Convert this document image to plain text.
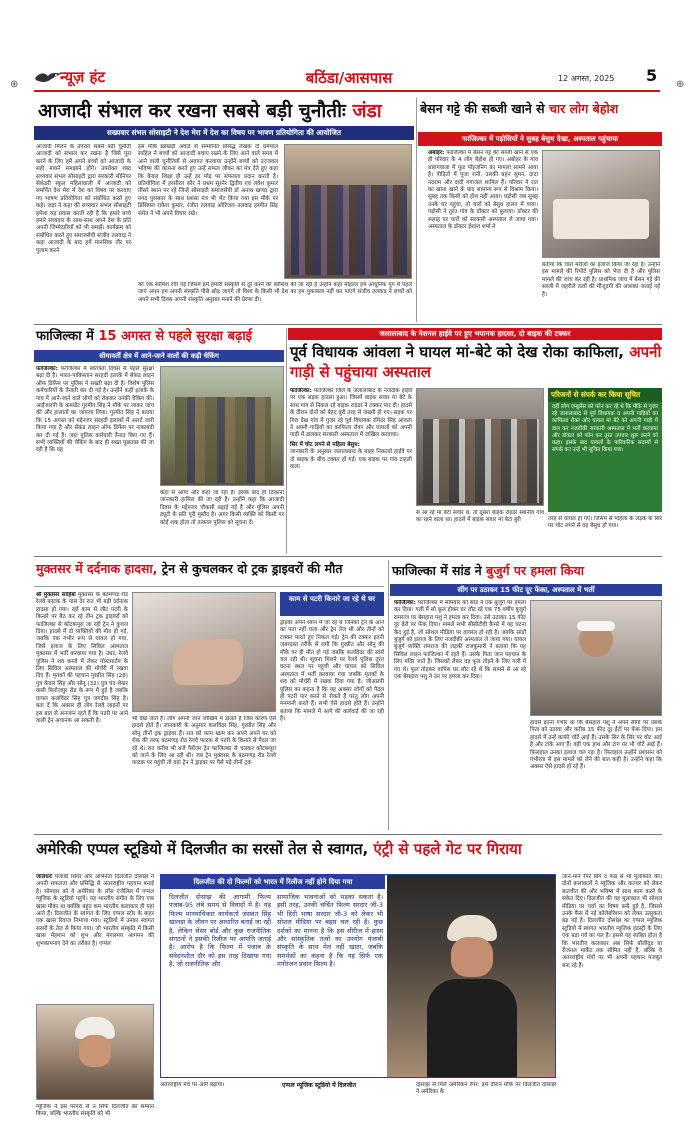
⊕	⊕
न्यूज़ हंट	बठिंडा/आसपास	12 अगस्त, 2025 5
आजादी संभाल कर रखना सबसे बड़ी चुनौतीः जंडा
सख्यवार संभल सोसाइटी ने देश मेरा में देश का विषय पर भाषण प्रतियोगिता की आयोजित
आजादी मिलने के उपरांत सबसे बड़ी चुनौती आजादी को संभाल कर रखना है जिसे पूरा करने के लिए हमें अपने बच्चों को आजादी के सही मायने समझाने होंगे। उपरोक्त शब्द सच्यवार संभल सोसाइटी द्वारा सरकारी सीनियर सेकंडरी स्कूल महिलावाली में आजादी को समर्पित देश मेरा में देश का विषय पर करवाए गए भाषण प्रतियोगिता को संबोधित करते हुए कहे। जड़ा ने कहा की सच्यवार संभल सोसाइटी हमेशा यह प्रयास करती रही है कि हमारे बच्चे हमारे सच्यवार के साथ-साथ अपने देश के प्रति अपनी जिम्मेदारियों को भी समझें। कार्यक्रम को संबोधित करते हुए समाजसेवी संजीव तलवाड़ ने कहा आजादी के बाद हमें मानसिक तौर पर गुलाम करने
इस मौके ख़ाखड़ी अवार्ड से सम्मानित प्रसिद्ध लेखक दो धर्मपाल साहिल ने बच्चों को आजादी बचाए रखने के लिए आने वाले समय में आने वाली चुनौतियों से अवगत करवाया उन्होंने बच्चों को उज्जवल भविष्य की कामना करते हुए उन्हें सफल जीवन का मंत्र देते हुए कहा कि केवल शिक्षा ही उन्हें हर मोड़ पर सफलता प्रदान करती है। प्रतियोगिता में हरसीरत कौर ने प्रथम सुरनेर द्वितीय एवं लवेश कुमार तीसरे स्थान पर रहे जिन्हें सोसाइटी समाजसेवी डॉ अनाथ खण्डा द्वारा नगद पुरस्कार के साथ प्रशंसा पत्र भी भेंट किया गया इस मौके पर प्रिंसिपल राकेश कुमार, रंजीत तलवाड़ ओरिंजल तलवाड़ हरमीत सिंह समेत ने भी अपने विचार रखे।
को एक सामिश रची गई जिसमें हमें हमारी संस्कृति से दूर करने की कोशिश की जा रही है उन्होंने कहा मोहल्ल हम आधुनिक युग में पहले जाएं अपन हम अपनी संस्कृति पीछे छोड़ जाएंगे तो विश्व के किसी भी देश का हम मुकाबला नहीं कर पाएंगे संजीव तलवाड़ ने बच्चों को अपने सभी दिवस अपनी संस्कृति अनुसार मनाने की प्रेरणा दी।
बेसन गट्टे की सब्जी खाने से चार लोग बेहोश
फाजिल्का में पड़ोसियों ने सुबह बेसुध देखा, अस्पताल पहुंचाया
अबोहर: फाजिल्का में बेसन गट्टे की सब्जी खाने से एक ही परिवार के 4 लोग बेहोश हो गए। अबोहर के गांव धारांगवाला में फूड पॉइजनिंग का मामला सामने आया है। पीड़ितों में पूजा रानी, उसकी बहन सुमन, दादा नंदराम और दादी गंगाजल शामिल हैं। परिवार ने रात का खाना खाने के बाद सामान्य रूप से विश्राम किया। सुबह तक किसी को होश नहीं आया। पड़ोसी जब सुबह उनके घर पहुंचा, तो चारों को बेसुध हालत में पाया। पड़ोसी ने तुरंत गांव के डॉक्टर को बुलाया। डॉक्टर की सलाह पर चारों को सरकारी अस्पताल ले जाया गया। अस्पताल के डॉक्टर ईशांश शर्मा ने
बताया कि चारों मरीजों का इलाज किया जा रहा है। उन्होंने इस मामले की रिपोर्ट पुलिस को भेज दी है और पुलिस मामले की जांच कर रही है। प्राथमिक जांच में बेसन गट्टे की सब्जी में जहरीले तत्वों की मौजूदगी की आशंका जताई गई है।
फाजिल्का में 15 अगस्त से पहले सुरक्षा बढ़ाई
सीमावर्ती क्षेत्र में आने-जाने वालों की कड़ी चेकिंग
फाजिल्का: फाजिल्का में स्वतंत्रता दिवस से पहले सुरक्षा बढ़ा दी है। भारत-पाकिस्तान सरहदी इलाके में सेकंड लाइन ऑफ डिफेंस पर पुलिस ने सख्ती बढ़ा दी है। विशेष पुलिस कर्मचारियों के तैनाती कर दी गई है। उन्होंने कहीं इलाके के गांव में आने-जाने वाले लोगों को रोककर उनकी चेकिंग की। आईजारपी के कमांडेंट गुरमीत सिंह ने मौके पर जाकर जांच की और हालातों का जायजा लिया। गुरमीत सिंह ने बताया कि 15 अगस्त को मद्देनजर सरहदी इलाकों में अलर्ट जारी किया गया है और सेकंड लाइन ऑफ डिफेंस पर नाकाबंदी कर दी गई है। जहां पुलिस कर्मचारी तैनात किए गए हैं। सभी व्यक्तियों की चेकिंग के बाद ही सख्त पूछताछ की जा रही है कि वह
कहां से आया और कहां जा रहा है। इसके बाद ही ठिकाना जानकारी हासिल की जा रही है। उन्होंने कहा कि आजादी दिवस के मद्देनजर चौकसी बढ़ाई गई है और पुलिस अपनी ड्यूटी के प्रति पूरी मुस्तैद है। अगर किसी व्यक्ति को किसी पर कोई शक होता तो तत्काल पुलिस को सूचना दें।
जलालाबाद के नेशनल हाईवे पर हुए भयानक हादसा, दो बाइक की टक्कर
पूर्व विधायक आंवला ने घायल मां-बेटे को देख रोका काफिला, अपनी गाड़ी से पहुंचाया अस्पताल
फाजिल्का: फाजिल्का जिले के जलालाबाद के नजदीक हाईवे पर एक सड़क हादसा हुआ। जिसमें बाइक सवार मां बेटे के साथ गांव से निकल रहे बाइक राइडर ने टक्कर मार दी। हादसे के दौरान दोनों को बेहद बुरी तरह से जख्मी हो गए। सड़क पर गिरा देख गांव में गुजर रहे पूर्व विधायक रमिंदर सिंह आंवला ने अपनी गाड़ियों का काफिला रोका और घायलों को अपनी गाड़ी में डालकर सरकारी अस्पताल में दाखिल करवाया।
सिर में चोट लगने से महिला बेसुध:
जानकारी के अनुसार जलालाबाद के बाहर निकलते हाईवे पर दो बाइक के बीच टक्कर हो गई। एक बाइक पर गांव टाहली वाला
से आ रहे मां बेटा सवार थे, तो दूसरा बाइक राइडर स्थानीय गांव का रहने वाला था। हादसे में बाइक सवार मां बेटा बुरी
परिजनों से संपर्क कर किया सूचित
वहीं लोग एम्बुलेंस को फोन कर रहे थे कि मौके से गुजर रहे जलालाबाद से पूर्व विधायक व अपनी गाड़ियों का काफिला रोका और घायल मां बेटे को अपनी गाड़ी में डाल कर नजदीकी सरकारी अस्पताल में भर्ती करवाया और डॉक्टर को फोन कर तुरंत उपचार शुरू करने को कहा। इसके बाद घायलों के पारिवारिक सदस्यों से संपर्क कर उन्हें भी सूचित किया गया।
तरह से घायल हो गए। जिसमें से महिला के लड़के के सिर पर चोट लगने से वह बेसुध हो गया।
मुक्तसर में दर्दनाक हादसा, ट्रेन से कुचलकर दो ट्रक ड्राइवरों की मौत
श्री मुक्तसर साहिबः मुक्तसर के बठमणड़ रोड रेलवे फाटक के पास देर रात भी बड़ी दर्दनाक हादसा हो गया। रहाँ काम से लौट पटरी के किनारे पर बैठ कर रहे तीन ट्रक ड्राइवरों को फाजिल्का से कोटकपूरा जा रही ट्रेन ने कुचल दिया। हादसे में दो व्यक्तियों की मौत हो गई, जबकि एक गंभीर रूप से घायल हो गया, जिसे इलाज के लिए सिविल अस्पताल मुक्तसर में भर्ती करवाया गया है। उधर, रेलवे पुलिस ने शव कब्जे में लेकर पोस्टमार्टम के लिए सिविल अस्पताल की मोर्चरी में रखवा दिए हैं। मृतकों की पहचान गुरप्रीत सिंह (28) पुत्र केवल सिंह और सोनू (32) पुत्र चंद शेखर वासी फिरोज़पुर रोड के रूप में हुई है जबकि घायल कलविंदर सिंह पुत्र जगदीप सिंह है। बता दें कि अक्सर ही लोग रेलवे लाइनों पर इस बात से अनजान रहते हैं कि पटरी पर आने वाली ट्रेन अचानक आ सकती है।	भी देखे जाते हैं। लोग अपनी जान जोखिम में डालते हैं जिस कारण ऐसे हादसे होते हैं। जानकारी के अनुसार कलविंदर सिंह, गुरप्रीत सिंह और सोनू तीनों ट्रक ड्राइवर हैं। रात को काम खत्म कर अपने अपने घर को रोक की तरफ बठमणड़ रोड रेलवे फाटक से पटरी के किनारे से पैदल जा रहे थे। रात करीब भी बजे पैसेंजर ट्रेन फाजिल्का से चलकर कोटकपूरा को जाने के लिए आ रही थी। जब ट्रेन मुक्तसर के बठमणड़ रोड रेलवे फाटक पर पहुंची तो वहां ट्रेन ने ड्राइवर पर पैसे पड़े तीनों ट्रक
काम से पटरी किनारे जा रहे थे घर
ड्राइवर अपने ध्यान में जा रहे थे जिनको ट्रेन के आने का पता नहीं चला और ट्रेन तेज थी और तीनों को टक्कर मारते हुए निकल गई। ट्रेन की टक्कर इतनी जबरदस्त तरीके से लगी कि गुरप्रीत और सोनू की मौके पर ही मौत हो गई जबकि कलविंदर की सांसें चल रही थी। सूचना मिलने पर रेलवे पुलिस तुरंत घटना स्थल पर पहुंची और घायल को सिविल अस्पताल में भर्ती करवाया गया जबकि मृतकों के शव को मोर्चरी में रखवा दिया गया है। जीआरपी पुलिस का कहना है कि यह अक्सर लोगों को पैदल ही पटरी पार करने से रोकते हैं परंतु लोग अपनी मनमानी करते हैं। सभी ऐसे हादसे होते हैं। उन्होंने बताया कि मामले में आगे की कार्रवाई की जा रही है।
फाजिल्का में सांड ने बुजुर्ग पर हमला किया
सींग पर उठाकर 15 फीट दूर फेंका, अस्पताल में भर्ती
फाजिल्का: फाजिल्का में सोमवार को सांड ने एक बुजुर्ग पर हमला कर दिया। गली में सो कूल होकर घर लौट रहे एक 75 वर्षीय बुजुर्ग रामराज पर बेसहारा पशु ने हमला कर दिया। उसे उठाकर 15 फीट दूर ढेरों पर फेंक दिया। मामले सभी सीसीटीवी कैमरे में यह घटना कैद हुई है, जो सोशल मीडिया पर वायरल हो रही है। जबकि सांडों बुजुर्ग को इलाज के लिए नजदीकी अस्पताल ले जाया गया। घायल बुजुर्ग व्यक्ति रामराज की लड़की राजकुमारी ने बताया कि यह सिविल लाइन फाजिल्का में रहते हैं। उसके पिता जान पहचान के लिए मंदिर जाते हैं। जिसको लेकर वह फूल तोड़ने के लिए गली में गए थे। फूल तोड़कर वापिस घर लौट रहे थे कि सामने से आ रहे एक बेसहारा पशु ने उन पर हमला कर दिया।
हादसे इतना गंभीर था कि बेसहारा पशु ने अपने सींगों पर उसके पिता को उठाया और करीब 15 फीट दूर ईंटों पर फेंक दिया। इस हादसे में उन्हें काफी चोटें आई हैं। उसके सिर के सिर पर चोट आई है और टांके आए हैं। वहीं एक हाथ और टांग पर भी चोटें आई हैं। फिलहाल उनका इलाज चल रहा है। फिलहाल उन्होंने प्रशासन को गंभीरता से इस मामले को लेने की बात कही है। उन्होंने कहा कि अक्सर ऐसे हादसे हो रहे हैं।
अमेरिकी एप्पल स्टूडियो में दिलजीत का सरसों तेल से स्वागत, एंट्री से पहले गेट पर गिराया
जालंधरः पंजाबी सिंगर और अभिनेता दिलजीत दोसांझ ने अपनी सफलता और प्रसिद्धि से अंतरराष्ट्रीय पहचान बनाई है। सोमवार को वे अमेरिका के लॉस एंजेलिस में एप्पल म्यूजिक के स्टूडियो पहुंचे। यह भारतीय संगीत के लिए एक खास मौका था क्योंकि बहुत कम भारतीय कलाकार ही यहां आते हैं। दिलजीत के स्वागत के लिए एप्पल स्टोर के बाहर एक खास रिवाज निभाया गया। स्टूडियो में उनका स्वागत सरसों के तेल से किया गया। जो भारतीय संस्कृति में किसी खास मेहमान को शुभ और मंगलमय आगमन की शुभकामनाएं देने का तरीका है। एप्पल
म्यूजिक ने इस परंपरा से न सिर्फ दिलजीत का सम्मान किया, बल्कि भारतीय संस्कृति को भी
दिलजीत की दो फिल्मों को भारत में रिलीज नहीं होने दिया गया
दिलजीत दोसांझ की आगामी फिल्म पंजाब-95 लंबे समय से विवादों में है। यह फिल्म मानवाधिकार कार्यकर्ता जसवंत सिंह खालड़ा के जीवन पर आधारित बताई जा रही है, लेकिन सेंसर बोर्ड और कुछ राजनीतिक संगठनों ने इसकी रिलीज पर आपत्ति जताई है। आरोप है कि फिल्म में पंजाब के संवेदनशील दौर को इस तरह दिखाया गया है, जो राजनीतिक और
सामाजिक भावनाओं को भड़का सकता है। इसी तरह, उनकी चर्चित फिल्म सरदार जी-3 भी हिंदी भाषा सरदार जी-3 को लेकर भी सोशल मीडिया पर बहस चल रही है। कुछ दर्शकों का मानना है कि इस सीरीज में हास्य और सांस्कृतिक तत्वों का उपयोग पंजाबी संस्कृति के साथ मेल नहीं खाता, जबकि समर्थकों का कहना है कि यह सिर्फ एक मनोरंजन प्रधान फिल्म है।
अंतरराष्ट्रीय मंच पर आगे बढ़ाया।	एप्पल म्यूजिक स्टूडियो में दिलजीत	दोसांझ से मिले अमेरिकन रैपर: इस दौरान मौके पर दिलजीत दोसांझ ने अमेरिका के
जाने-माने रैपर बिग द फन्न से भी मुलाकात की। दोनों कलाकारों ने म्यूजिक और कल्चर को लेकर बातचीत की और भविष्य में साथ काम करने के संकेत दिए। दिलजीत की यह मुलाकात भी सोशल मीडिया पर चर्चा का विषय बनी हुई है, जिससे उनके फैंस में नई कोलेबोरेशन को लेकर उत्सुकता बढ़ गई है। दिलजीत दोसांझ का एप्पल म्यूजिक स्टूडियो में स्वागत भारतीय म्यूजिक इंडस्ट्री के लिए एक बड़ा गर्व का पल है। इससे यह साबित होता है कि भारतीय कलाकार अब सिर्फ बॉलीवुड या रीजनल मार्केट तक सीमित नहीं हैं, बल्कि वे अंतरराष्ट्रीय मंचों पर भी अपनी पहचान मजबूत बना रहे हैं।
